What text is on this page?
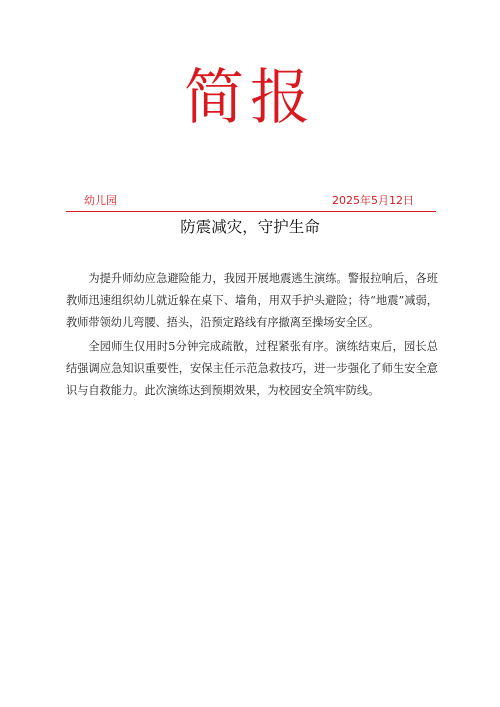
简报
幼儿园	2025年5月12日
防震减灾，守护生命

为提升师幼应急避险能力，我园开展地震逃生演练。警报拉响后，各班教师迅速组织幼儿就近躲在桌下、墙角，用双手护头避险；待“地震”减弱，教师带领幼儿弯腰、捂头，沿预定路线有序撤离至操场安全区。

全园师生仅用时5分钟完成疏散，过程紧张有序。演练结束后，园长总结强调应急知识重要性，安保主任示范急救技巧，进一步强化了师生安全意识与自救能力。此次演练达到预期效果，为校园安全筑牢防线。
